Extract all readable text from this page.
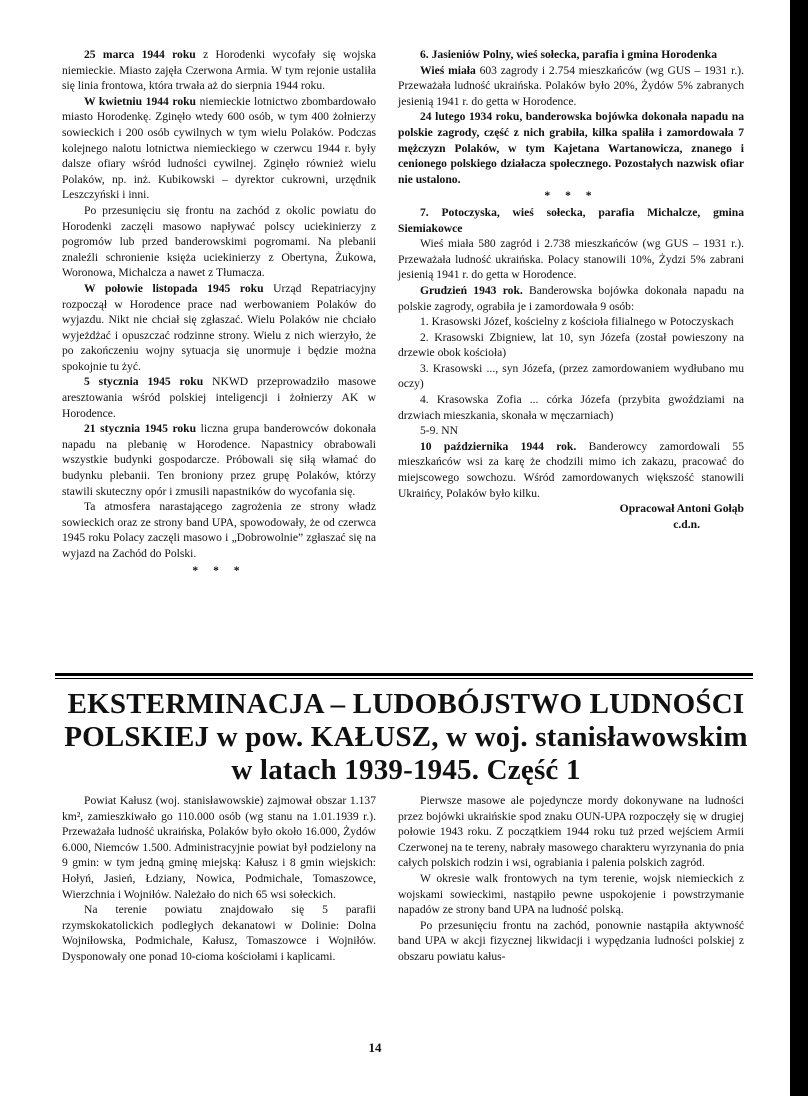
25 marca 1944 roku z Horodenki wycofały się wojska niemieckie. Miasto zajęła Czerwona Armia. W tym rejonie ustaliła się linia frontowa, która trwała aż do sierpnia 1944 roku.

W kwietniu 1944 roku niemieckie lotnictwo zbombardowało miasto Horodenkę. Zginęło wtedy 600 osób, w tym 400 żołnierzy sowieckich i 200 osób cywilnych w tym wielu Polaków. Podczas kolejnego nalotu lotnictwa niemieckiego w czerwcu 1944 r. były dalsze ofiary wśród ludności cywilnej. Zginęło również wielu Polaków, np. inż. Kubikowski – dyrektor cukrowni, urzędnik Leszczyński i inni.

Po przesunięciu się frontu na zachód z okolic powiatu do Horodenki zaczęli masowo napływać polscy uciekinierzy z pogromów lub przed banderowskimi pogromami. Na plebanii znaleźli schronienie księża uciekinierzy z Obertyna, Żukowa, Woronowa, Michalcza a nawet z Tłumacza.

W połowie listopada 1945 roku Urząd Repatriacyjny rozpoczął w Horodence prace nad werbowaniem Polaków do wyjazdu. Nikt nie chciał się zgłaszać. Wielu Polaków nie chciało wyjeżdżać i opuszczać rodzinne strony. Wielu z nich wierzyło, że po zakończeniu wojny sytuacja się unormuje i będzie można spokojnie tu żyć.

5 stycznia 1945 roku NKWD przeprowadziło masowe aresztowania wśród polskiej inteligencji i żołnierzy AK w Horodence.

21 stycznia 1945 roku liczna grupa banderowców dokonała napadu na plebanię w Horodence. Napastnicy obrabowali wszystkie budynki gospodarcze. Próbowali się siłą włamać do budynku plebanii. Ten broniony przez grupę Polaków, którzy stawili skuteczny opór i zmusili napastników do wycofania się.

Ta atmosfera narastającego zagrożenia ze strony władz sowieckich oraz ze strony band UPA, spowodowały, że od czerwca 1945 roku Polacy zaczęli masowo i „Dobrowolnie” zgłaszać się na wyjazd na Zachód do Polski.

* * *

6. Jasieniów Polny, wieś sołecka, parafia i gmina Horodenka

Wieś miała 603 zagrody i 2.754 mieszkańców (wg GUS – 1931 r.). Przeważała ludność ukraińska. Polaków było 20%, Żydów 5% zabranych jesienią 1941 r. do getta w Horodence.

24 lutego 1934 roku, banderowska bojówka dokonała napadu na polskie zagrody, część z nich grabiła, kilka spaliła i zamordowała 7 mężczyzn Polaków, w tym Kajetana Wartanowicza, znanego i cenionego polskiego działacza społecznego. Pozostałych nazwisk ofiar nie ustalono.

* * *

7. Potoczyska, wieś sołecka, parafia Michalcze, gmina Siemiakowce

Wieś miała 580 zagród i 2.738 mieszkańców (wg GUS – 1931 r.). Przeważała ludność ukraińska. Polacy stanowili 10%, Żydzi 5% zabrani jesienią 1941 r. do getta w Horodence.

Grudzień 1943 rok. Banderowska bojówka dokonała napadu na polskie zagrody, ograbiła je i zamordowała 9 osób:

1. Krasowski Józef, kościelny z kościoła filialnego w Potoczyskach

2. Krasowski Zbigniew, lat 10, syn Józefa (został powieszony na drzewie obok kościoła)

3. Krasowski ..., syn Józefa, (przez zamordowaniem wydłubano mu oczy)

4. Krasowska Zofia ... córka Józefa (przybita gwoździami na drzwiach mieszkania, skonała w męczarniach)

5-9. NN

10 października 1944 rok. Banderowcy zamordowali 55 mieszkańców wsi za karę że chodzili mimo ich zakazu, pracować do miejscowego sowchozu. Wśród zamordowanych większość stanowili Ukraińcy, Polaków było kilku.

Opracował Antoni Gołąb

c.d.n.

EKSTERMINACJA – LUDOBÓJSTWO LUDNOŚCI
POLSKIEJ w pow. KAŁUSZ, w woj. stanisławowskim
w latach 1939-1945. Część 1

Powiat Kałusz (woj. stanisławowskie) zajmował obszar 1.137 km², zamieszkiwało go 110.000 osób (wg stanu na 1.01.1939 r.). Przeważała ludność ukraińska, Polaków było około 16.000, Żydów 6.000, Niemców 1.500. Administracyjnie powiat był podzielony na 9 gmin: w tym jedną gminę miejską: Kałusz i 8 gmin wiejskich: Hołyń, Jasień, Łdziany, Nowica, Podmichale, Tomaszowce, Wierzchnia i Wojniłów. Należało do nich 65 wsi sołeckich.

Na terenie powiatu znajdowało się 5 parafii rzymskokatolickich podległych dekanatowi w Dolinie: Dolna Wojniłowska, Podmichale, Kałusz, Tomaszowce i Wojniłów. Dysponowały one ponad 10-cioma kościołami i kaplicami.

Pierwsze masowe ale pojedyncze mordy dokonywane na ludności przez bojówki ukraińskie spod znaku OUN-UPA rozpoczęły się w drugiej połowie 1943 roku. Z początkiem 1944 roku tuż przed wejściem Armii Czerwonej na te tereny, nabrały masowego charakteru wyrzynania do pnia całych polskich rodzin i wsi, ograbiania i palenia polskich zagród.

W okresie walk frontowych na tym terenie, wojsk niemieckich z wojskami sowieckimi, nastąpiło pewne uspokojenie i powstrzymanie napadów ze strony band UPA na ludność polską.

Po przesunięciu frontu na zachód, ponownie nastąpiła aktywność band UPA w akcji fizycznej likwidacji i wypędzania ludności polskiej z obszaru powiatu kałus-

14
